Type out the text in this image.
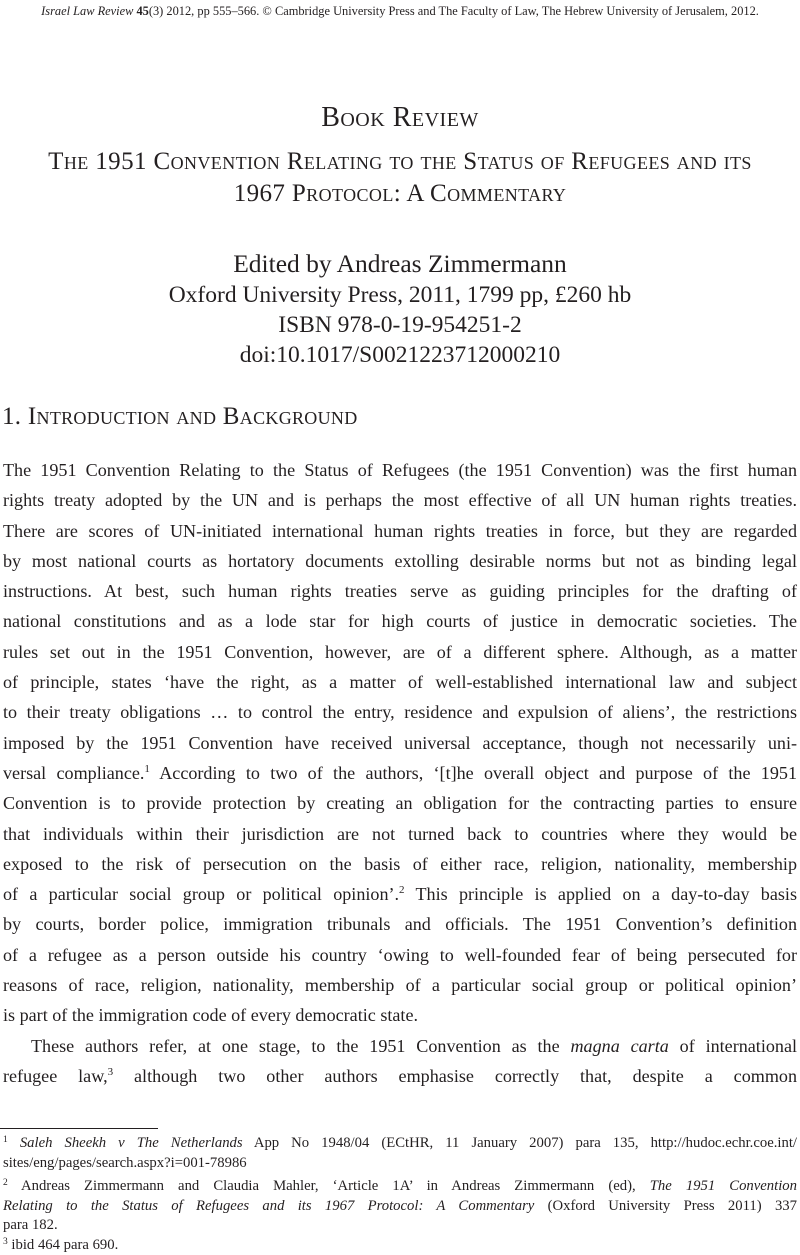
Israel Law Review 45(3) 2012, pp 555–566. © Cambridge University Press and The Faculty of Law, The Hebrew University of Jerusalem, 2012.
Book Review
The 1951 Convention Relating to the Status of Refugees and its
1967 Protocol: A Commentary
Edited by Andreas Zimmermann
Oxford University Press, 2011, 1799 pp, £260 hb
ISBN 978-0-19-954251-2
doi:10.1017/S0021223712000210
1. Introduction and Background
The 1951 Convention Relating to the Status of Refugees (the 1951 Convention) was the first human
rights treaty adopted by the UN and is perhaps the most effective of all UN human rights treaties.
There are scores of UN-initiated international human rights treaties in force, but they are regarded
by most national courts as hortatory documents extolling desirable norms but not as binding legal
instructions. At best, such human rights treaties serve as guiding principles for the drafting of
national constitutions and as a lode star for high courts of justice in democratic societies. The
rules set out in the 1951 Convention, however, are of a different sphere. Although, as a matter
of principle, states ‘have the right, as a matter of well-established international law and subject
to their treaty obligations … to control the entry, residence and expulsion of aliens’, the restrictions
imposed by the 1951 Convention have received universal acceptance, though not necessarily uni-
versal compliance.$^1$ According to two of the authors, ‘[t]he overall object and purpose of the 1951
Convention is to provide protection by creating an obligation for the contracting parties to ensure
that individuals within their jurisdiction are not turned back to countries where they would be
exposed to the risk of persecution on the basis of either race, religion, nationality, membership
of a particular social group or political opinion’.$^2$ This principle is applied on a day-to-day basis
by courts, border police, immigration tribunals and officials. The 1951 Convention’s definition
of a refugee as a person outside his country ‘owing to well-founded fear of being persecuted for
reasons of race, religion, nationality, membership of a particular social group or political opinion’
is part of the immigration code of every democratic state.
These authors refer, at one stage, to the 1951 Convention as the magna carta of international
refugee law,$^3$ although two other authors emphasise correctly that, despite a common
$^1$ Saleh Sheekh v The Netherlands App No 1948/04 (ECtHR, 11 January 2007) para 135, http://hudoc.echr.coe.int/
sites/eng/pages/search.aspx?i=001-78986
$^2$ Andreas Zimmermann and Claudia Mahler, ‘Article 1A’ in Andreas Zimmermann (ed), The 1951 Convention
Relating to the Status of Refugees and its 1967 Protocol: A Commentary (Oxford University Press 2011) 337
para 182.
$^3$ ibid 464 para 690.
